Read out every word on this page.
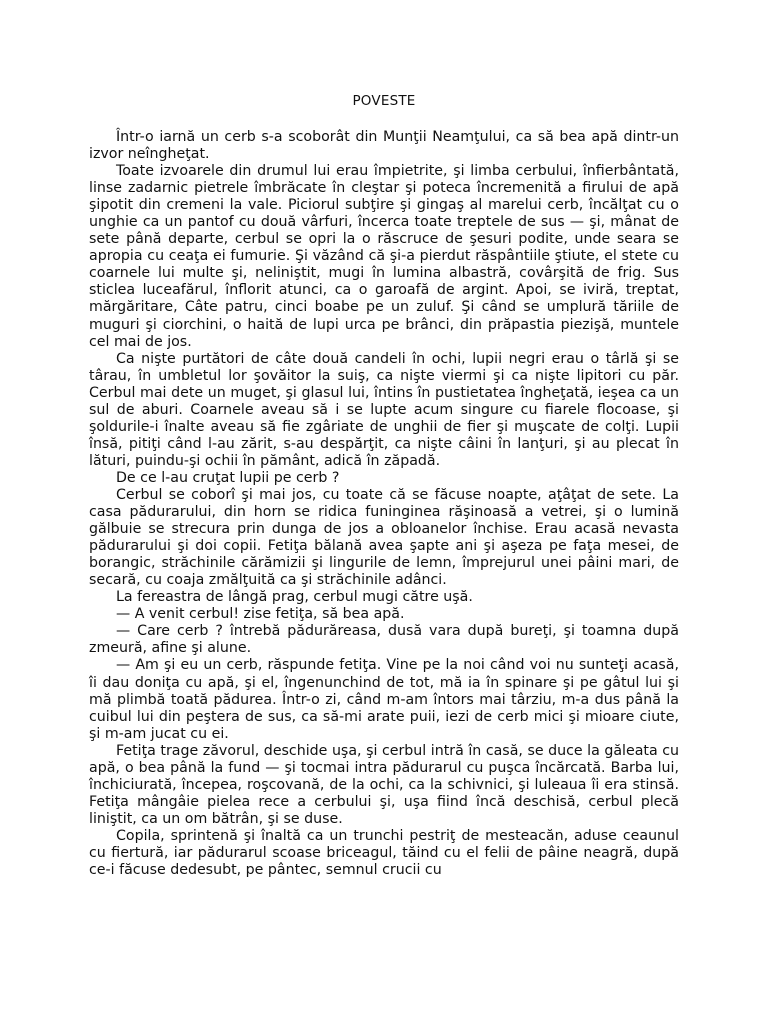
POVESTE

Într-o iarnă un cerb s-a scoborât din Munţii Neamţului, ca să bea apă dintr-un izvor neîngheţat.

Toate izvoarele din drumul lui erau împietrite, şi limba cerbului, înfierbântată, linse zadarnic pietrele îmbrăcate în cleştar şi poteca încremenită a firului de apă şipotit din cremeni la vale. Piciorul subţire şi gingaş al marelui cerb, încălţat cu o unghie ca un pantof cu două vârfuri, încerca toate treptele de sus — şi, mânat de sete până departe, cerbul se opri la o răscruce de şesuri podite, unde seara se apropia cu ceaţa ei fumurie. Şi văzând că şi-a pierdut răspântiile ştiute, el stete cu coarnele lui multe şi, neliniştit, mugi în lumina albastră, covârşită de frig. Sus sticlea luceafărul, înflorit atunci, ca o garoafă de argint. Apoi, se iviră, treptat, mărgăritare, Câte patru, cinci boabe pe un zuluf. Şi când se umplură tăriile de muguri şi ciorchini, o haită de lupi urca pe brânci, din prăpastia piezişă, muntele cel mai de jos.

Ca nişte purtători de câte două candeli în ochi, lupii negri erau o târlă şi se târau, în umbletul lor şovăitor la suiş, ca nişte viermi şi ca nişte lipitori cu păr. Cerbul mai dete un muget, şi glasul lui, întins în pustietatea îngheţată, ieşea ca un sul de aburi. Coarnele aveau să i se lupte acum singure cu fiarele flocoase, şi şoldurile-i înalte aveau să fie zgâriate de unghii de fier şi muşcate de colţi. Lupii însă, pitiţi când l-au zărit, s-au despărţit, ca nişte câini în lanţuri, şi au plecat în lături, puindu-şi ochii în pământ, adică în zăpadă.

De ce l-au cruţat lupii pe cerb ?

Cerbul se coborî şi mai jos, cu toate că se făcuse noapte, aţâţat de sete. La casa pădurarului, din horn se ridica funinginea răşinoasă a vetrei, şi o lumină gălbuie se strecura prin dunga de jos a obloanelor închise. Erau acasă nevasta pădurarului şi doi copii. Fetiţa bălană avea şapte ani şi aşeza pe faţa mesei, de borangic, străchinile cărămizii şi lingurile de lemn, împrejurul unei pâini mari, de secară, cu coaja zmălţuită ca şi străchinile adânci.

La fereastra de lângă prag, cerbul mugi către uşă.

— A venit cerbul! zise fetiţa, să bea apă.

— Care cerb ? întrebă pădurăreasa, dusă vara după bureţi, şi toamna după zmeură, afine şi alune.

— Am şi eu un cerb, răspunde fetiţa. Vine pe la noi când voi nu sunteţi acasă, îi dau doniţa cu apă, şi el, îngenunchind de tot, mă ia în spinare şi pe gâtul lui şi mă plimbă toată pădurea. Într-o zi, când m-am întors mai târziu, m-a dus până la cuibul lui din peştera de sus, ca să-mi arate puii, iezi de cerb mici şi mioare ciute, şi m-am jucat cu ei.

Fetiţa trage zăvorul, deschide uşa, şi cerbul intră în casă, se duce la găleata cu apă, o bea până la fund — şi tocmai intra pădurarul cu puşca încărcată. Barba lui, închiciurată, începea, roşcovană, de la ochi, ca la schivnici, şi luleaua îi era stinsă. Fetiţa mângâie pielea rece a cerbului şi, uşa fiind încă deschisă, cerbul plecă liniştit, ca un om bătrân, şi se duse.

Copila, sprintenă şi înaltă ca un trunchi pestriţ de mesteacăn, aduse ceaunul cu fiertură, iar pădurarul scoase briceagul, tăind cu el felii de pâine neagră, după ce-i făcuse dedesubt, pe pântec, semnul crucii cu
